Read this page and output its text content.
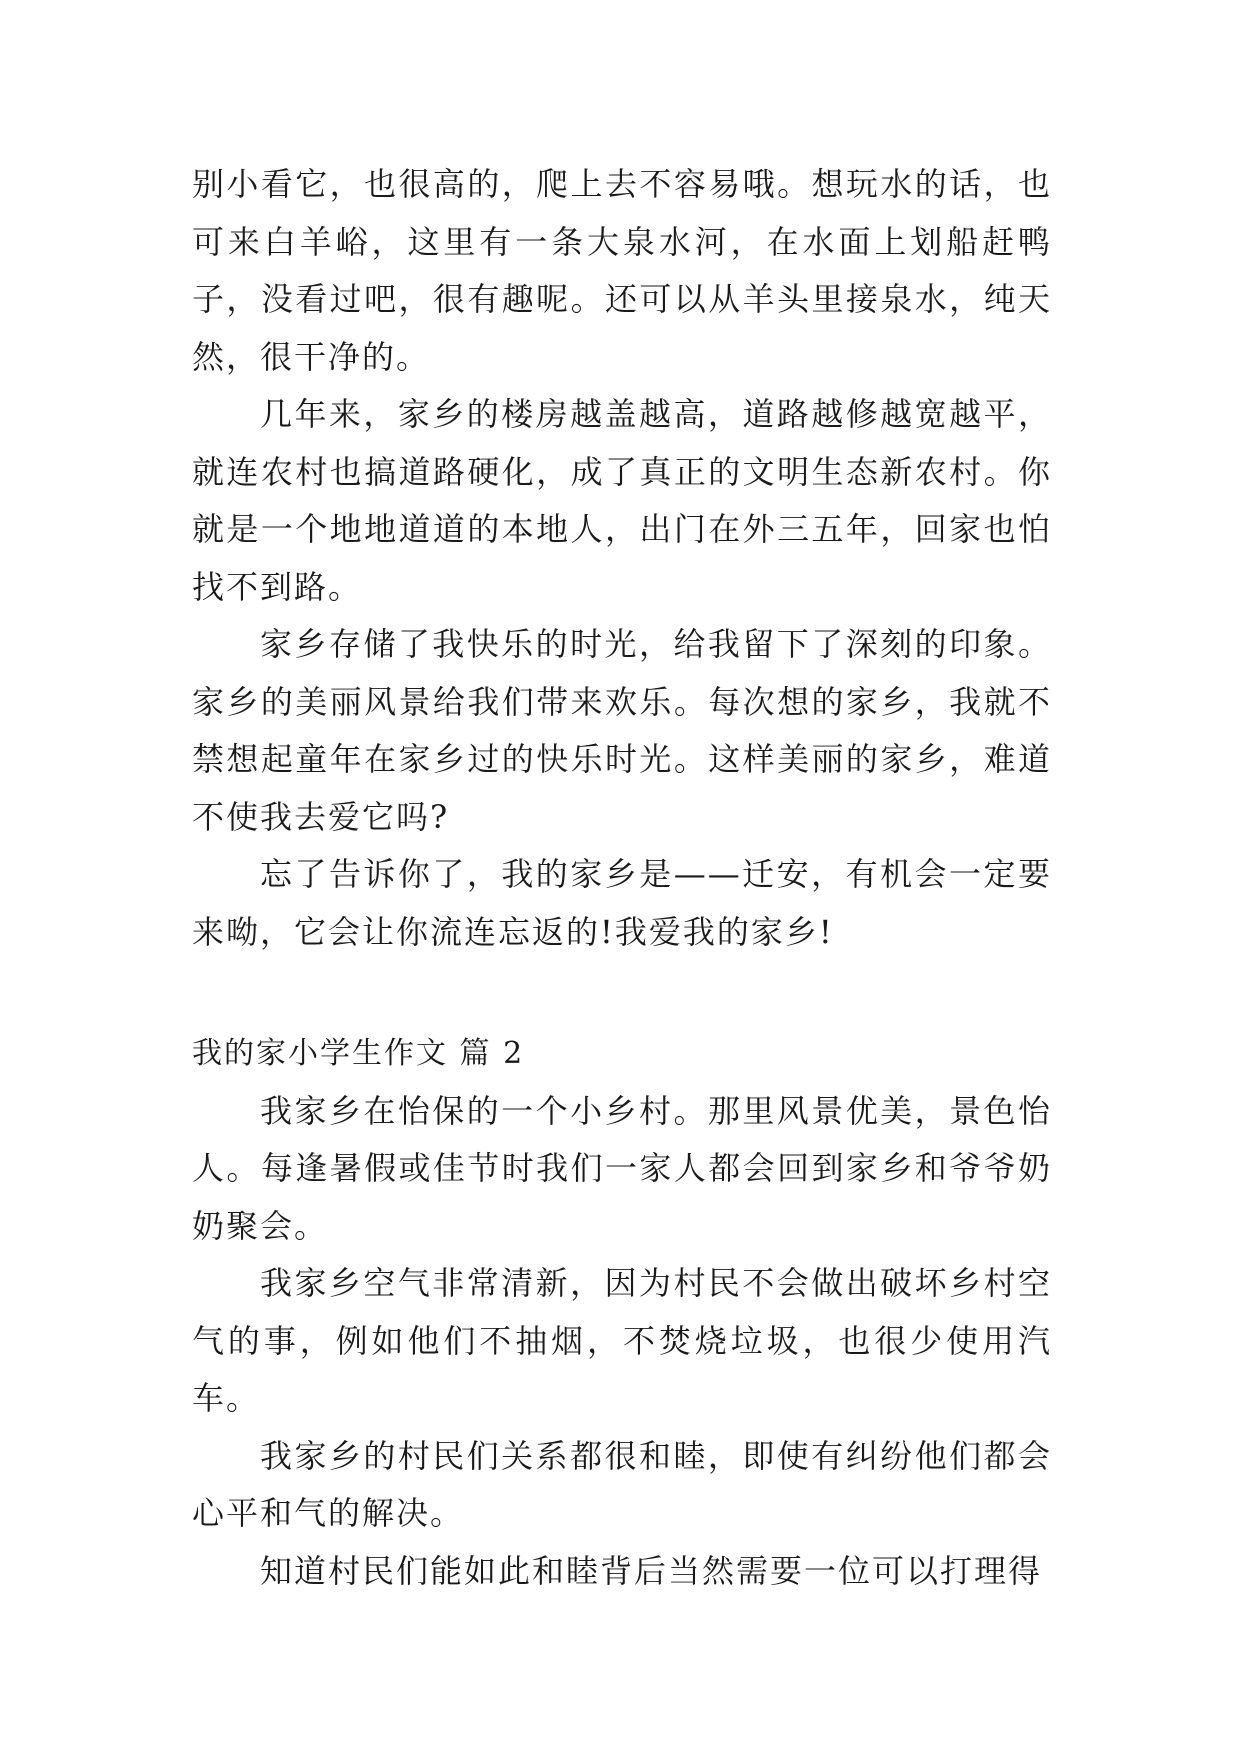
别小看它，也很高的，爬上去不容易哦。想玩水的话，也可来白羊峪，这里有一条大泉水河，在水面上划船赶鸭子，没看过吧，很有趣呢。还可以从羊头里接泉水，纯天然，很干净的。

几年来，家乡的楼房越盖越高，道路越修越宽越平，就连农村也搞道路硬化，成了真正的文明生态新农村。你就是一个地地道道的本地人，出门在外三五年，回家也怕找不到路。

家乡存储了我快乐的时光，给我留下了深刻的印象。家乡的美丽风景给我们带来欢乐。每次想的家乡，我就不禁想起童年在家乡过的快乐时光。这样美丽的家乡，难道不使我去爱它吗?

忘了告诉你了，我的家乡是——迁安，有机会一定要来呦，它会让你流连忘返的!我爱我的家乡!

我的家小学生作文 篇 2

我家乡在怡保的一个小乡村。那里风景优美，景色怡人。每逢暑假或佳节时我们一家人都会回到家乡和爷爷奶奶聚会。

我家乡空气非常清新，因为村民不会做出破坏乡村空气的事，例如他们不抽烟，不焚烧垃圾，也很少使用汽车。

我家乡的村民们关系都很和睦，即使有纠纷他们都会心平和气的解决。

知道村民们能如此和睦背后当然需要一位可以打理得
